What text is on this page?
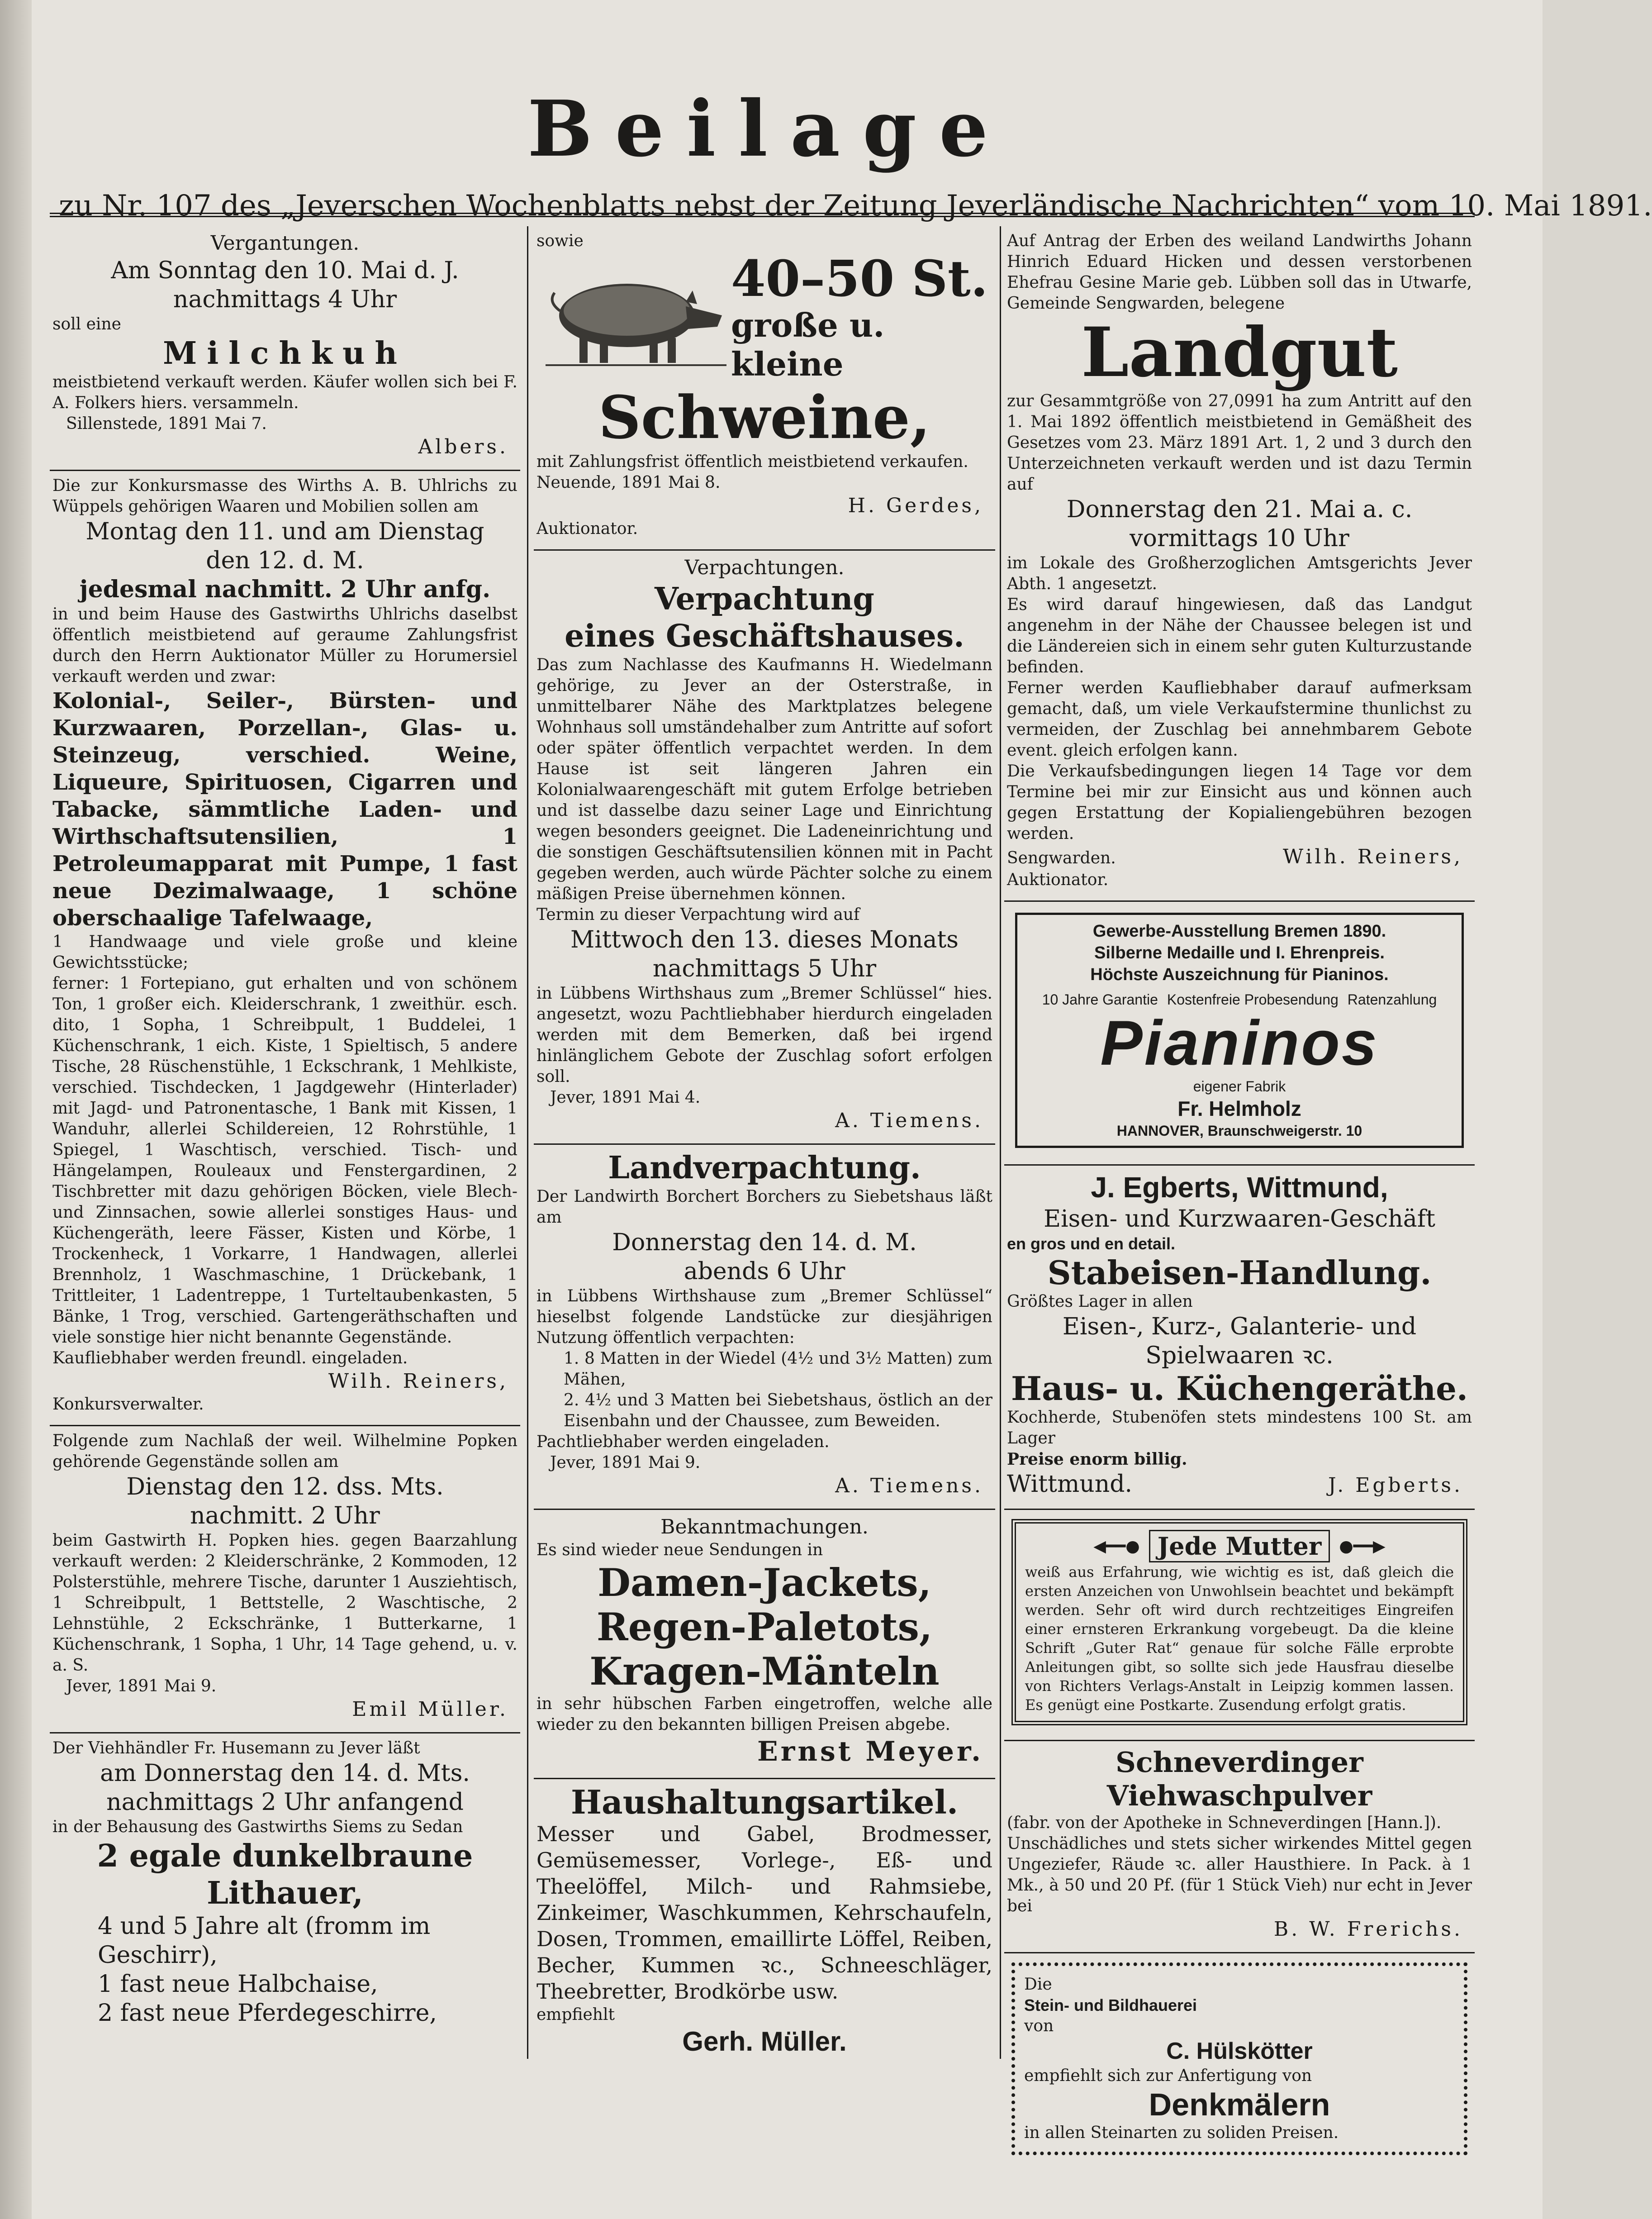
Beilage
zu Nr. 107 des „Jeverschen Wochenblatts nebst der Zeitung Jeverländische Nachrichten“ vom 10. Mai 1891.
Vergantungen.
Am Sonntag den 10. Mai d. J.
nachmittags 4 Uhr
soll eine
Milchkuh
meistbietend verkauft werden. Käufer wollen sich bei F. A. Folkers hiers. versammeln.
Sillenstede, 1891 Mai 7.
Albers.
Die zur Konkursmasse des Wirths A. B. Uhlrichs zu Wüppels gehörigen Waaren und Mobilien sollen am
Montag den 11. und am Dienstag
den 12. d. M.
jedesmal nachmitt. 2 Uhr anfg.
in und beim Hause des Gastwirths Uhlrichs daselbst öffentlich meistbietend auf geraume Zahlungsfrist durch den Herrn Auktionator Müller zu Horumersiel verkauft werden und zwar:
Kolonial-, Seiler-, Bürsten- und Kurzwaaren, Porzellan-, Glas- u. Steinzeug, verschied. Weine, Liqueure, Spirituosen, Cigarren und Tabacke, sämmtliche Laden- und Wirthschaftsutensilien, 1 Petroleumapparat mit Pumpe, 1 fast neue Dezimalwaage, 1 schöne oberschaalige Tafelwaage,
1 Handwaage und viele große und kleine Gewichtsstücke;
ferner: 1 Fortepiano, gut erhalten und von schönem Ton, 1 großer eich. Kleiderschrank, 1 zweithür. esch. dito, 1 Sopha, 1 Schreibpult, 1 Buddelei, 1 Küchenschrank, 1 eich. Kiste, 1 Spieltisch, 5 andere Tische, 28 Rüschenstühle, 1 Eckschrank, 1 Mehlkiste, verschied. Tischdecken, 1 Jagdgewehr (Hinterlader) mit Jagd- und Patronentasche, 1 Bank mit Kissen, 1 Wanduhr, allerlei Schildereien, 12 Rohrstühle, 1 Spiegel, 1 Waschtisch, verschied. Tisch- und Hängelampen, Rouleaux und Fenstergardinen, 2 Tischbretter mit dazu gehörigen Böcken, viele Blech- und Zinnsachen, sowie allerlei sonstiges Haus- und Küchengeräth, leere Fässer, Kisten und Körbe, 1 Trockenheck, 1 Vorkarre, 1 Handwagen, allerlei Brennholz, 1 Waschmaschine, 1 Drückebank, 1 Trittleiter, 1 Ladentreppe, 1 Turteltaubenkasten, 5 Bänke, 1 Trog, verschied. Gartengeräthschaften und viele sonstige hier nicht benannte Gegenstände.
Kaufliebhaber werden freundl. eingeladen.
Wilh. Reiners,
Konkursverwalter.
Folgende zum Nachlaß der weil. Wilhelmine Popken gehörende Gegenstände sollen am
Dienstag den 12. dss. Mts.
nachmitt. 2 Uhr
beim Gastwirth H. Popken hies. gegen Baarzahlung verkauft werden: 2 Kleiderschränke, 2 Kommoden, 12 Polsterstühle, mehrere Tische, darunter 1 Ausziehtisch, 1 Schreibpult, 1 Bettstelle, 2 Waschtische, 2 Lehnstühle, 2 Eckschränke, 1 Butterkarne, 1 Küchenschrank, 1 Sopha, 1 Uhr, 14 Tage gehend, u. v. a. S.
Jever, 1891 Mai 9.
Emil Müller.
Der Viehhändler Fr. Husemann zu Jever läßt
am Donnerstag den 14. d. Mts.
nachmittags 2 Uhr anfangend
in der Behausung des Gastwirths Siems zu Sedan
2 egale dunkelbraune
Lithauer,
4 und 5 Jahre alt (fromm im Geschirr),
1 fast neue Halbchaise,
2 fast neue Pferdegeschirre,
sowie
40–50 St.
große u. kleine
Schweine,
mit Zahlungsfrist öffentlich meistbietend verkaufen.
Neuende, 1891 Mai 8.
H. Gerdes,
Auktionator.
Verpachtungen.
Verpachtung
eines Geschäftshauses.
Das zum Nachlasse des Kaufmanns H. Wiedelmann gehörige, zu Jever an der Osterstraße, in unmittelbarer Nähe des Marktplatzes belegene Wohnhaus soll umständehalber zum Antritte auf sofort oder später öffentlich verpachtet werden. In dem Hause ist seit längeren Jahren ein Kolonialwaarengeschäft mit gutem Erfolge betrieben und ist dasselbe dazu seiner Lage und Einrichtung wegen besonders geeignet. Die Ladeneinrichtung und die sonstigen Geschäftsutensilien können mit in Pacht gegeben werden, auch würde Pächter solche zu einem mäßigen Preise übernehmen können.
Termin zu dieser Verpachtung wird auf
Mittwoch den 13. dieses Monats
nachmittags 5 Uhr
in Lübbens Wirthshaus zum „Bremer Schlüssel“ hies. angesetzt, wozu Pachtliebhaber hierdurch eingeladen werden mit dem Bemerken, daß bei irgend hinlänglichem Gebote der Zuschlag sofort erfolgen soll.
Jever, 1891 Mai 4.
A. Tiemens.
Landverpachtung.
Der Landwirth Borchert Borchers zu Siebetshaus läßt am
Donnerstag den 14. d. M.
abends 6 Uhr
in Lübbens Wirthshause zum „Bremer Schlüssel“ hieselbst folgende Landstücke zur diesjährigen Nutzung öffentlich verpachten:
1. 8 Matten in der Wiedel (4½ und 3½ Matten) zum Mähen,
2. 4½ und 3 Matten bei Siebetshaus, östlich an der Eisenbahn und der Chaussee, zum Beweiden.
Pachtliebhaber werden eingeladen.
Jever, 1891 Mai 9.
A. Tiemens.
Bekanntmachungen.
Es sind wieder neue Sendungen in
Damen-Jackets,
Regen-Paletots,
Kragen-Mänteln
in sehr hübschen Farben eingetroffen, welche alle wieder zu den bekannten billigen Preisen abgebe.
Ernst Meyer.
Haushaltungsartikel.
Messer und Gabel, Brodmesser, Gemüsemesser, Vorlege-, Eß- und Theelöffel, Milch- und Rahmsiebe, Zinkeimer, Waschkummen, Kehrschaufeln, Dosen, Trommen, emaillirte Löffel, Reiben, Becher, Kummen ꝛc., Schneeschläger, Theebretter, Brodkörbe usw.
empfiehlt
Gerh. Müller.
Auf Antrag der Erben des weiland Landwirths Johann Hinrich Eduard Hicken und dessen verstorbenen Ehefrau Gesine Marie geb. Lübben soll das in Utwarfe, Gemeinde Sengwarden, belegene
Landgut
zur Gesammtgröße von 27,0991 ha zum Antritt auf den 1. Mai 1892 öffentlich meistbietend in Gemäßheit des Gesetzes vom 23. März 1891 Art. 1, 2 und 3 durch den Unterzeichneten verkauft werden und ist dazu Termin auf
Donnerstag den 21. Mai a. c.
vormittags 10 Uhr
im Lokale des Großherzoglichen Amtsgerichts Jever Abth. 1 angesetzt.
Es wird darauf hingewiesen, daß das Landgut angenehm in der Nähe der Chaussee belegen ist und die Ländereien sich in einem sehr guten Kulturzustande befinden.
Ferner werden Kaufliebhaber darauf aufmerksam gemacht, daß, um viele Verkaufstermine thunlichst zu vermeiden, der Zuschlag bei annehmbarem Gebote event. gleich erfolgen kann.
Die Verkaufsbedingungen liegen 14 Tage vor dem Termine bei mir zur Einsicht aus und können auch gegen Erstattung der Kopialiengebühren bezogen werden.
Sengwarden.	Wilh. Reiners,
Auktionator.
Gewerbe-Ausstellung Bremen 1890.
Silberne Medaille und I. Ehrenpreis.
Höchste Auszeichnung für Pianinos.
10 Jahre Garantie Kostenfreie Probesendung Ratenzahlung
Pianinos
eigener Fabrik
Fr. Helmholz
HANNOVER, Braunschweigerstr. 10
J. Egberts, Wittmund,
Eisen- und Kurzwaaren-Geschäft
en gros und en detail.
Stabeisen-Handlung.
Größtes Lager in allen
Eisen-, Kurz-, Galanterie- und Spielwaaren ꝛc.
Haus- u. Küchengeräthe.
Kochherde, Stubenöfen stets mindestens 100 St. am Lager
Preise enorm billig.
Wittmund.	J. Egberts.
◀━━● Jede Mutter	●━━▶
weiß aus Erfahrung, wie wichtig es ist, daß gleich die ersten Anzeichen von Unwohlsein beachtet und bekämpft werden. Sehr oft wird durch rechtzeitiges Eingreifen einer ernsteren Erkrankung vorgebeugt. Da die kleine Schrift „Guter Rat“ genaue für solche Fälle erprobte Anleitungen gibt, so sollte sich jede Hausfrau dieselbe von Richters Verlags-Anstalt in Leipzig kommen lassen. Es genügt eine Postkarte. Zusendung erfolgt gratis.
Schneverdinger Viehwaschpulver
(fabr. von der Apotheke in Schneverdingen [Hann.]).
Unschädliches und stets sicher wirkendes Mittel gegen Ungeziefer, Räude ꝛc. aller Hausthiere. In Pack. à 1 Mk., à 50 und 20 Pf. (für 1 Stück Vieh) nur echt in Jever bei
B. W. Frerichs.
Die
Stein- und Bildhauerei
von
C. Hülskötter
empfiehlt sich zur Anfertigung von
Denkmälern
in allen Steinarten zu soliden Preisen.
